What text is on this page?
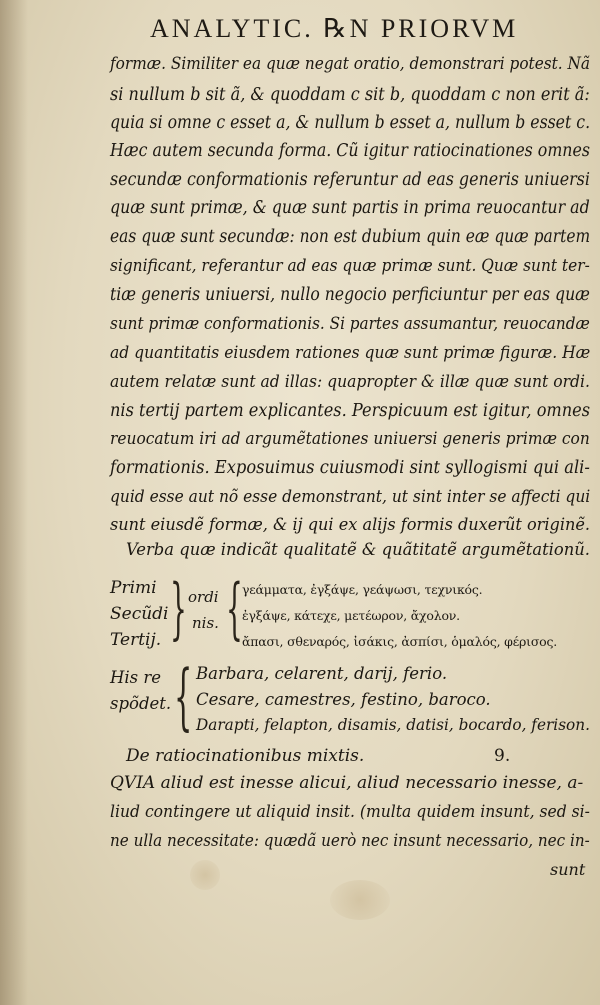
ANALYTIC. ℞N PRIORVM
formæ. Similiter ea quæ negat oratio, demonstrari potest. Nã
si nullum b sit ã, & quoddam c sit b, quoddam c non erit ã:
quia si omne c esset a, & nullum b esset a, nullum b esset c.
Hæc autem secunda forma. Cũ igitur ratiocinationes omnes
secundæ conformationis referuntur ad eas generis uniuersi
quæ sunt primæ, & quæ sunt partis in prima reuocantur ad
eas quæ sunt secundæ: non est dubium quin eæ quæ partem
significant, referantur ad eas quæ primæ sunt. Quæ sunt ter-
tiæ generis uniuersi, nullo negocio perficiuntur per eas quæ
sunt primæ conformationis. Si partes assumantur, reuocandæ
ad quantitatis eiusdem rationes quæ sunt primæ figuræ. Hæ
autem relatæ sunt ad illas: quapropter & illæ quæ sunt ordi.
nis tertij partem explicantes. Perspicuum est igitur, omnes
reuocatum iri ad argumẽtationes uniuersi generis primæ con
formationis. Exposuimus cuiusmodi sint syllogismi qui ali-
quid esse aut nõ esse demonstrant, ut sint inter se affecti qui
sunt eiusdẽ formæ, & ij qui ex alijs formis duxerũt originẽ.
Verba quæ indicãt qualitatẽ & quãtitatẽ argumẽtationũ.
Primi
Secũdi
Tertij. } ordi
nis. { γεάμματα, ἐγξάψε, γεάψωσι, τεχνικός.
ἐγξάψε, κάτεχε, μετέωρον, ἄχολον.
ἄπασι, σθεναρός, ἰσάκις, ἀσπίσι, ὁμαλός, φέρισος.
His re
spõdet. { Barbara, celarent, darij, ferio.
Cesare, camestres, festino, baroco.
Darapti, felapton, disamis, datisi, bocardo, ferison.
De ratiocinationibus mixtis.	9.
QVIA aliud est inesse alicui, aliud necessario inesse, a-
liud contingere ut aliquid insit. (multa quidem insunt, sed si-
ne ulla necessitate: quædã uerò nec insunt necessario, nec in-
sunt
